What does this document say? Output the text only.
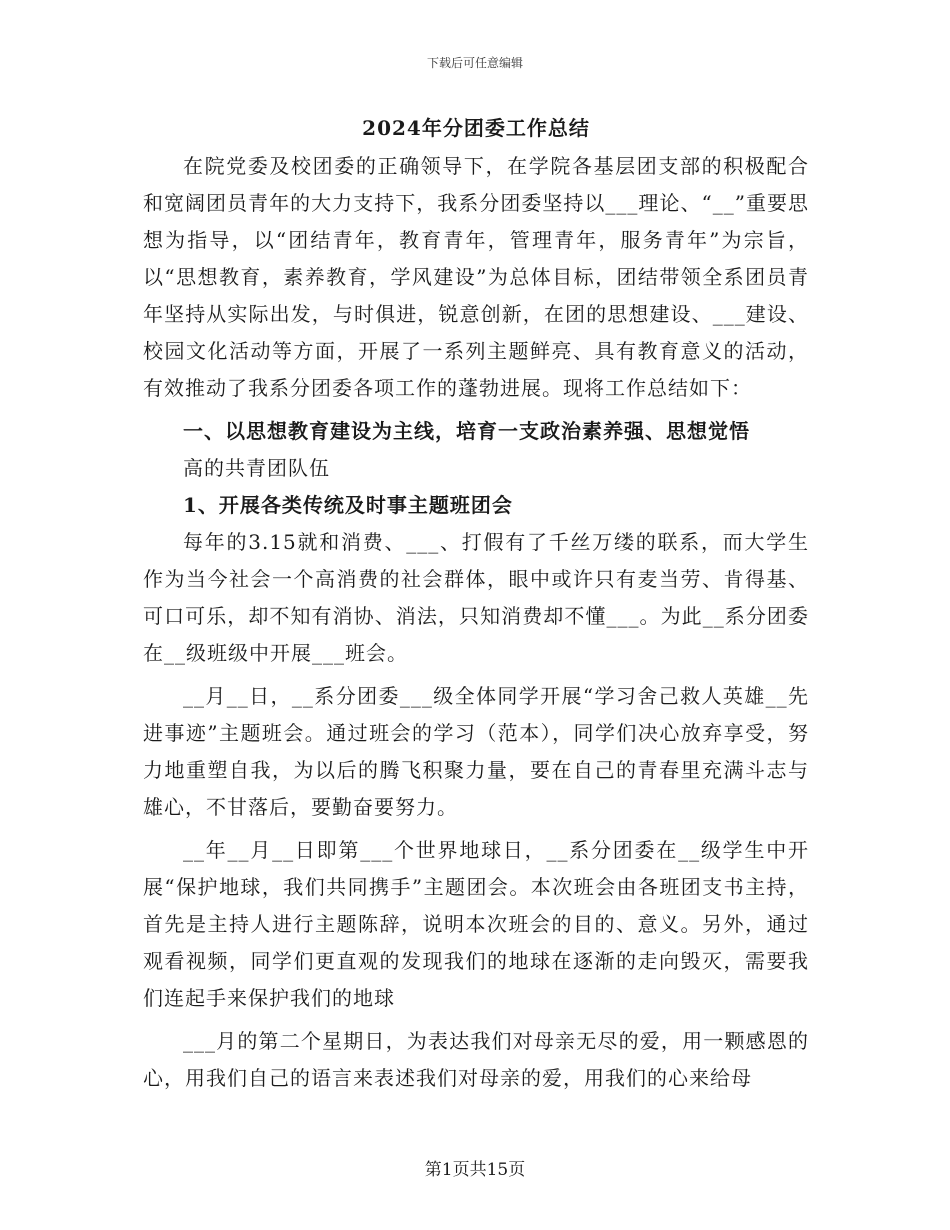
下载后可任意编辑
2024年分团委工作总结

在院党委及校团委的正确领导下，在学院各基层团支部的积极配合和宽阔团员青年的大力支持下，我系分团委坚持以___理论、“__”重要思想为指导，以“团结青年，教育青年，管理青年，服务青年”为宗旨，以“思想教育，素养教育，学风建设”为总体目标，团结带领全系团员青年坚持从实际出发，与时俱进，锐意创新，在团的思想建设、___建设、校园文化活动等方面，开展了一系列主题鲜亮、具有教育意义的活动，有效推动了我系分团委各项工作的蓬勃进展。现将工作总结如下：

一、以思想教育建设为主线，培育一支政治素养强、思想觉悟

高的共青团队伍

1、开展各类传统及时事主题班团会

每年的3.15就和消费、___、打假有了千丝万缕的联系，而大学生作为当今社会一个高消费的社会群体，眼中或许只有麦当劳、肯得基、可口可乐，却不知有消协、消法，只知消费却不懂___。为此__系分团委在__级班级中开展___班会。

__月__日，__系分团委___级全体同学开展“学习舍己救人英雄__先进事迹”主题班会。通过班会的学习（范本），同学们决心放弃享受，努力地重塑自我，为以后的腾飞积聚力量，要在自己的青春里充满斗志与雄心，不甘落后，要勤奋要努力。

__年__月__日即第___个世界地球日，__系分团委在__级学生中开展“保护地球，我们共同携手”主题团会。本次班会由各班团支书主持，首先是主持人进行主题陈辞，说明本次班会的目的、意义。另外，通过观看视频，同学们更直观的发现我们的地球在逐渐的走向毁灭，需要我们连起手来保护我们的地球

___月的第二个星期日，为表达我们对母亲无尽的爱，用一颗感恩的心，用我们自己的语言来表述我们对母亲的爱，用我们的心来给母

第1页共15页
